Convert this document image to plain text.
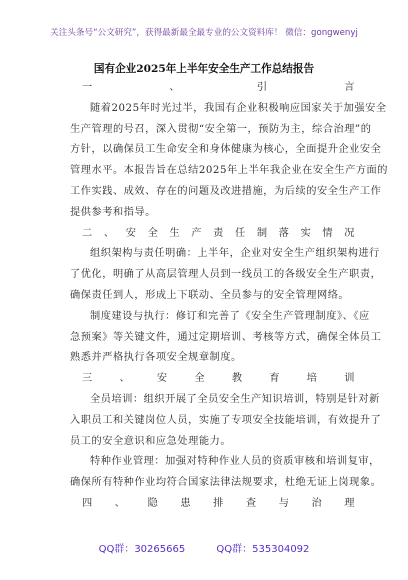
关注头条号“公文研究”，获得最新最全最专业的公文资料库！ 微信：gongwenyj
国有企业2025年上半年安全生产工作总结报告
一、引言
随着2025年时光过半，我国有企业积极响应国家关于加强安全
生产管理的号召，深入贯彻“安全第一，预防为主，综合治理”的
方针，以确保员工生命安全和身体健康为核心，全面提升企业安全
管理水平。本报告旨在总结2025年上半年我企业在安全生产方面的
工作实践、成效、存在的问题及改进措施，为后续的安全生产工作
提供参考和指导。
二、安全生产责任制落实情况
组织架构与责任明确：上半年，企业对安全生产组织架构进行
了优化，明确了从高层管理人员到一线员工的各级安全生产职责，
确保责任到人，形成上下联动、全员参与的安全管理网络。
制度建设与执行：修订和完善了《安全生产管理制度》、《应
急预案》等关键文件，通过定期培训、考核等方式，确保全体员工
熟悉并严格执行各项安全规章制度。
三、安全教育培训
全员培训：组织开展了全员安全生产知识培训，特别是针对新
入职员工和关键岗位人员，实施了专项安全技能培训，有效提升了
员工的安全意识和应急处理能力。
特种作业管理：加强对特种作业人员的资质审核和培训复审，
确保所有特种作业均符合国家法律法规要求，杜绝无证上岗现象。
四、隐患排查与治理
QQ群：30265665	QQ群：535304092
